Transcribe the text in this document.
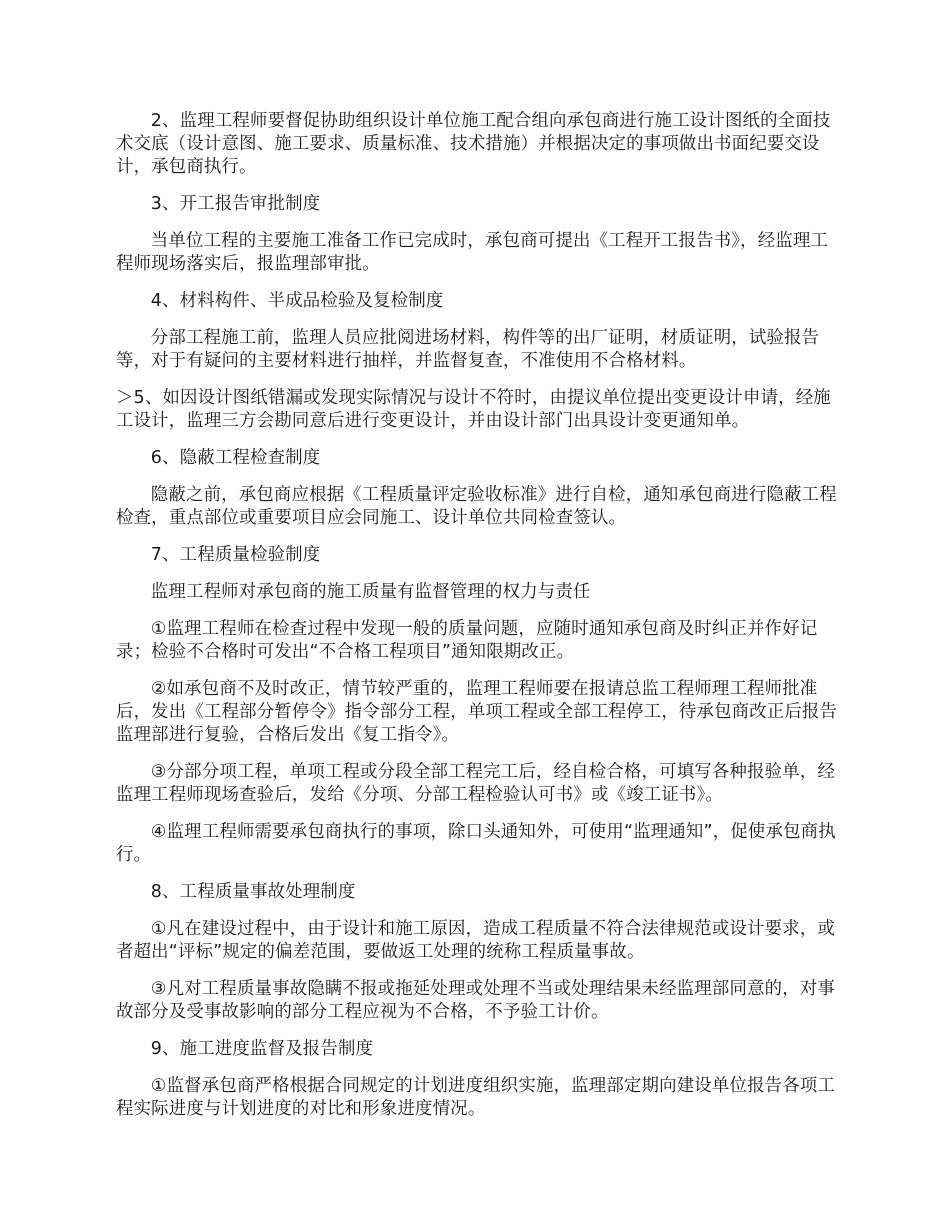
2、监理工程师要督促协助组织设计单位施工配合组向承包商进行施工设计图纸的全面技术交底（设计意图、施工要求、质量标准、技术措施）并根据决定的事项做出书面纪要交设计，承包商执行。

3、开工报告审批制度

当单位工程的主要施工准备工作已完成时，承包商可提出《工程开工报告书》，经监理工程师现场落实后，报监理部审批。

4、材料构件、半成品检验及复检制度

分部工程施工前，监理人员应批阅进场材料，构件等的出厂证明，材质证明，试验报告等，对于有疑问的主要材料进行抽样，并监督复查，不准使用不合格材料。

＞5、如因设计图纸错漏或发现实际情况与设计不符时，由提议单位提出变更设计申请，经施工设计，监理三方会勘同意后进行变更设计，并由设计部门出具设计变更通知单。

6、隐蔽工程检查制度

隐蔽之前，承包商应根据《工程质量评定验收标准》进行自检，通知承包商进行隐蔽工程检查，重点部位或重要项目应会同施工、设计单位共同检查签认。

7、工程质量检验制度

监理工程师对承包商的施工质量有监督管理的权力与责任

①监理工程师在检查过程中发现一般的质量问题，应随时通知承包商及时纠正并作好记录；检验不合格时可发出“不合格工程项目”通知限期改正。

②如承包商不及时改正，情节较严重的，监理工程师要在报请总监工程师理工程师批准后，发出《工程部分暂停令》指令部分工程，单项工程或全部工程停工，待承包商改正后报告监理部进行复验，合格后发出《复工指令》。

③分部分项工程，单项工程或分段全部工程完工后，经自检合格，可填写各种报验单，经监理工程师现场查验后，发给《分项、分部工程检验认可书》或《竣工证书》。

④监理工程师需要承包商执行的事项，除口头通知外，可使用“监理通知”，促使承包商执行。

8、工程质量事故处理制度

①凡在建设过程中，由于设计和施工原因，造成工程质量不符合法律规范或设计要求，或者超出“评标”规定的偏差范围，要做返工处理的统称工程质量事故。

③凡对工程质量事故隐瞒不报或拖延处理或处理不当或处理结果未经监理部同意的，对事故部分及受事故影响的部分工程应视为不合格，不予验工计价。

9、施工进度监督及报告制度

①监督承包商严格根据合同规定的计划进度组织实施，监理部定期向建设单位报告各项工程实际进度与计划进度的对比和形象进度情况。
